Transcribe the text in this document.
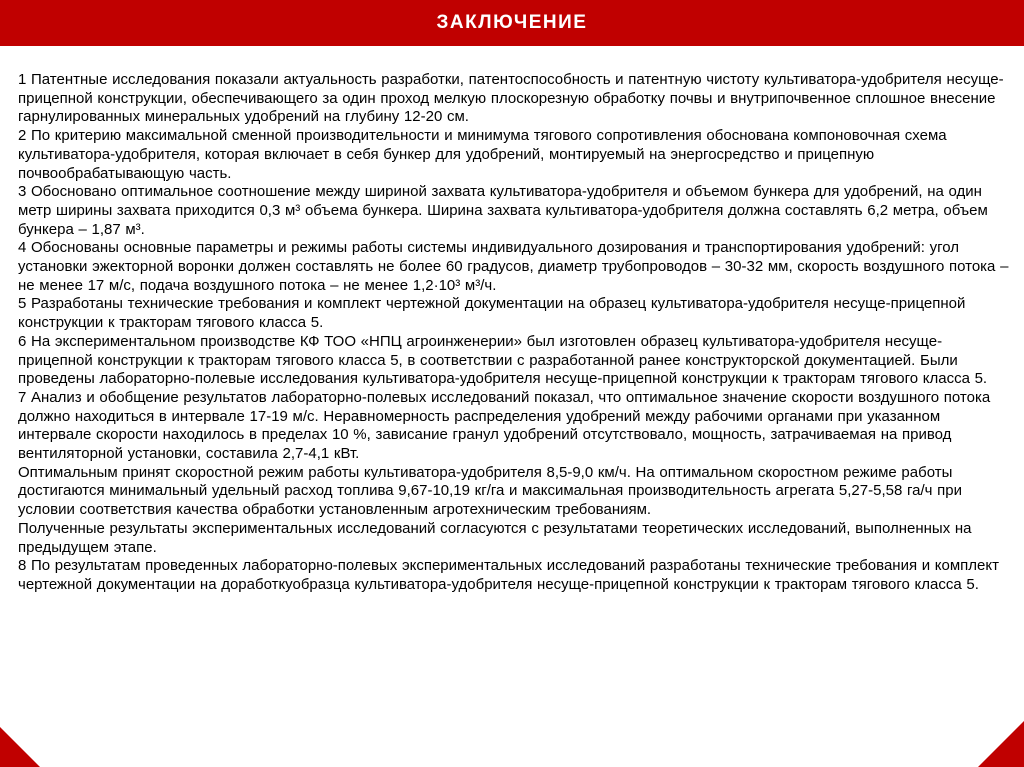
ЗАКЛЮЧЕНИЕ

1 Патентные исследования показали актуальность разработки, патентоспособность и патентную чистоту культиватора-удобрителя несуще-прицепной конструкции, обеспечивающего за один проход мелкую плоскорезную обработку почвы и внутрипочвенное сплошное внесение гарнулированных минеральных удобрений на глубину 12-20 см.

2 По критерию максимальной сменной производительности и минимума тягового сопротивления обоснована компоновочная схема культиватора-удобрителя, которая включает в себя бункер для удобрений, монтируемый на энергосредство и прицепную почвообрабатывающую часть.

3 Обосновано оптимальное соотношение между шириной захвата культиватора-удобрителя и объемом бункера для удобрений, на один метр ширины захвата приходится 0,3 м³ объема бункера. Ширина захвата культиватора-удобрителя должна составлять 6,2 метра, объем бункера – 1,87 м³.

4 Обоснованы основные параметры и режимы работы системы индивидуального дозирования и транспортирования удобрений: угол установки эжекторной воронки должен составлять не более 60 градусов, диаметр трубопроводов – 30-32 мм, скорость воздушного потока – не менее 17 м/с, подача воздушного потока – не менее 1,2·10³ м³/ч.

5 Разработаны технические требования и комплект чертежной документации на образец культиватора-удобрителя несуще-прицепной конструкции к тракторам тягового класса 5.

6 На экспериментальном производстве КФ ТОО «НПЦ агроинженерии» был изготовлен образец культиватора-удобрителя несуще-прицепной конструкции к тракторам тягового класса 5, в соответствии с разработанной ранее конструкторской документацией. Были проведены лабораторно-полевые исследования культиватора-удобрителя несуще-прицепной конструкции к тракторам тягового класса 5.

7 Анализ и обобщение результатов лабораторно-полевых исследований показал, что оптимальное значение скорости воздушного потока должно находиться в интервале 17-19 м/с. Неравномерность распределения удобрений между рабочими органами при указанном интервале скорости находилось в пределах 10 %, зависание гранул удобрений отсутствовало, мощность, затрачиваемая на привод вентиляторной установки, составила 2,7-4,1 кВт.

Оптимальным принят скоростной режим работы культиватора-удобрителя 8,5-9,0 км/ч. На оптимальном скоростном режиме работы достигаются минимальный удельный расход топлива 9,67-10,19 кг/га и максимальная производительность агрегата 5,27-5,58 га/ч при условии соответствия качества обработки установленным агротехническим требованиям.

Полученные результаты экспериментальных исследований согласуются с результатами теоретических исследований, выполненных на предыдущем этапе.

8 По результатам проведенных лабораторно-полевых экспериментальных исследований разработаны технические требования и комплект чертежной документации на доработкуобразца культиватора-удобрителя несуще-прицепной конструкции к тракторам тягового класса 5.
